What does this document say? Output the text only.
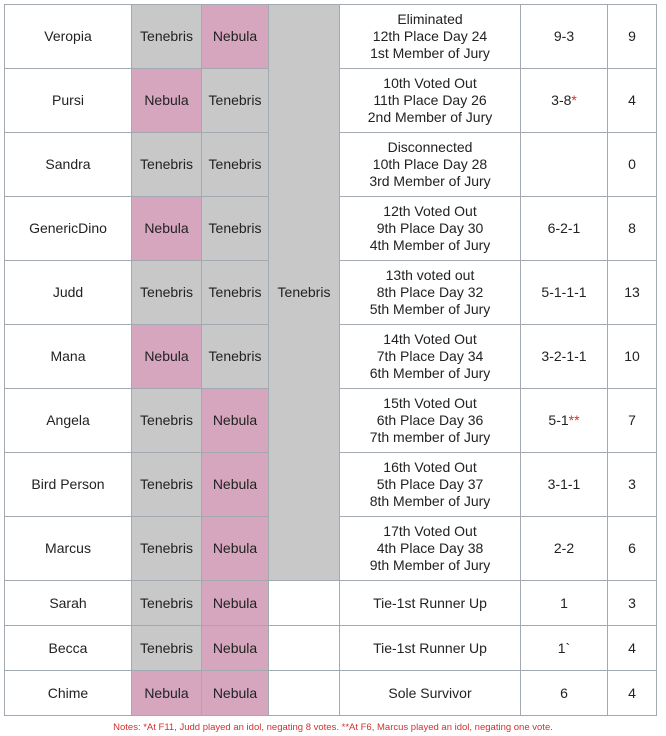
Veropia	Tenebris	Nebula	Tenebris	Eliminated
12th Place Day 24
1st Member of Jury	9-3	9
Pursi	Nebula	Tenebris		10th Voted Out
11th Place Day 26
2nd Member of Jury	3-8*	4
Sandra	Tenebris	Tenebris		Disconnected
10th Place Day 28
3rd Member of Jury		0
GenericDino	Nebula	Tenebris		12th Voted Out
9th Place Day 30
4th Member of Jury	6-2-1	8
Judd	Tenebris	Tenebris		13th voted out
8th Place Day 32
5th Member of Jury	5-1-1-1	13
Mana	Nebula	Tenebris		14th Voted Out
7th Place Day 34
6th Member of Jury	3-2-1-1	10
Angela	Tenebris	Nebula		15th Voted Out
6th Place Day 36
7th member of Jury	5-1**	7
Bird Person	Tenebris	Nebula		16th Voted Out
5th Place Day 37
8th Member of Jury	3-1-1	3
Marcus	Tenebris	Nebula		17th Voted Out
4th Place Day 38
9th Member of Jury	2-2	6
Sarah	Tenebris	Nebula		Tie-1st Runner Up	1	3
Becca	Tenebris	Nebula		Tie-1st Runner Up	1`	4
Chime	Nebula	Nebula		Sole Survivor	6	4
Notes: *At F11, Judd played an idol, negating 8 votes. **At F6, Marcus played an idol, negating one vote.
